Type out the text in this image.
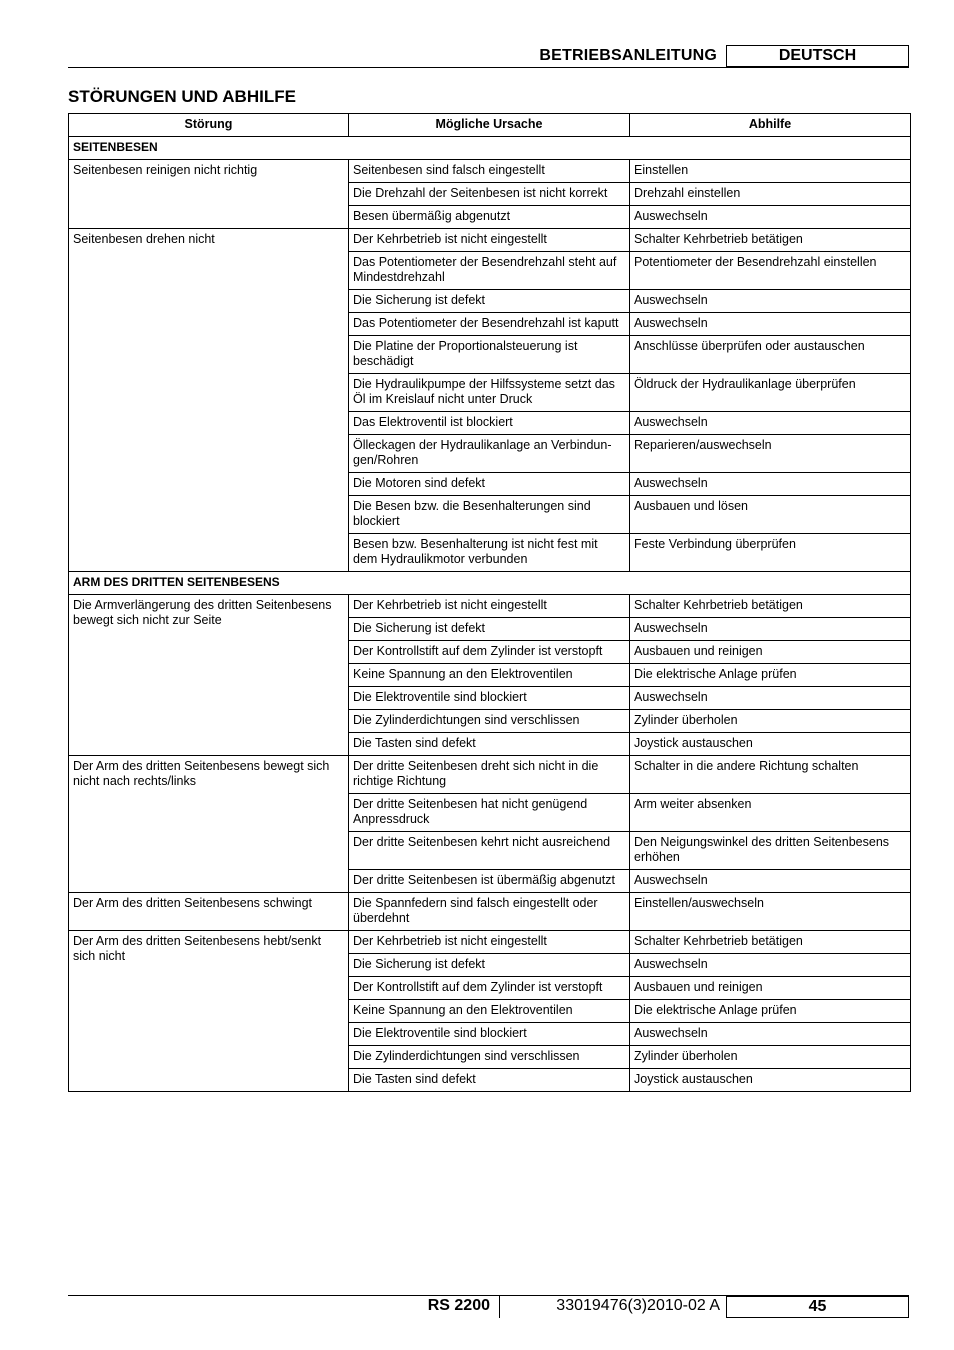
BETRIEBSANLEITUNG	DEUTSCH
STÖRUNGEN UND ABHILFE
Störung	Mögliche Ursache	Abhilfe
SEITENBESEN		
Seitenbesen reinigen nicht richtig	Seitenbesen sind falsch eingestellt	Einstellen
	Die Drehzahl der Seitenbesen ist nicht korrekt	Drehzahl einstellen
	Besen übermäßig abgenutzt	Auswechseln
Seitenbesen drehen nicht	Der Kehrbetrieb ist nicht eingestellt	Schalter Kehrbetrieb betätigen
	Das Potentiometer der Besendrehzahl steht auf Mindestdrehzahl	Potentiometer der Besendrehzahl einstellen
	Die Sicherung ist defekt	Auswechseln
	Das Potentiometer der Besendrehzahl ist kaputt	Auswechseln
	Die Platine der Proportionalsteuerung ist beschädigt	Anschlüsse überprüfen oder austauschen
	Die Hydraulikpumpe der Hilfssysteme setzt das Öl im Kreislauf nicht unter Druck	Öldruck der Hydraulikanlage überprüfen
	Das Elektroventil ist blockiert	Auswechseln
	Ölleckagen der Hydraulikanlage an Verbindun-gen/Rohren	Reparieren/auswechseln
	Die Motoren sind defekt	Auswechseln
	Die Besen bzw. die Besenhalterungen sind blockiert	Ausbauen und lösen
	Besen bzw. Besenhalterung ist nicht fest mit dem Hydraulikmotor verbunden	Feste Verbindung überprüfen
ARM DES DRITTEN SEITENBESENS		
Die Armverlängerung des dritten Seitenbesens bewegt sich nicht zur Seite	Der Kehrbetrieb ist nicht eingestellt	Schalter Kehrbetrieb betätigen
	Die Sicherung ist defekt	Auswechseln
	Der Kontrollstift auf dem Zylinder ist verstopft	Ausbauen und reinigen
	Keine Spannung an den Elektroventilen	Die elektrische Anlage prüfen
	Die Elektroventile sind blockiert	Auswechseln
	Die Zylinderdichtungen sind verschlissen	Zylinder überholen
	Die Tasten sind defekt	Joystick austauschen
Der Arm des dritten Seitenbesens bewegt sich nicht nach rechts/links	Der dritte Seitenbesen dreht sich nicht in die richtige Richtung	Schalter in die andere Richtung schalten
	Der dritte Seitenbesen hat nicht genügend Anpressdruck	Arm weiter absenken
	Der dritte Seitenbesen kehrt nicht ausreichend	Den Neigungswinkel des dritten Seitenbesens erhöhen
	Der dritte Seitenbesen ist übermäßig abgenutzt	Auswechseln
Der Arm des dritten Seitenbesens schwingt	Die Spannfedern sind falsch eingestellt oder überdehnt	Einstellen/auswechseln
Der Arm des dritten Seitenbesens hebt/senkt sich nicht	Der Kehrbetrieb ist nicht eingestellt	Schalter Kehrbetrieb betätigen
	Die Sicherung ist defekt	Auswechseln
	Der Kontrollstift auf dem Zylinder ist verstopft	Ausbauen und reinigen
	Keine Spannung an den Elektroventilen	Die elektrische Anlage prüfen
	Die Elektroventile sind blockiert	Auswechseln
	Die Zylinderdichtungen sind verschlissen	Zylinder überholen
	Die Tasten sind defekt	Joystick austauschen
RS 2200	33019476(3)2010-02 A	45
